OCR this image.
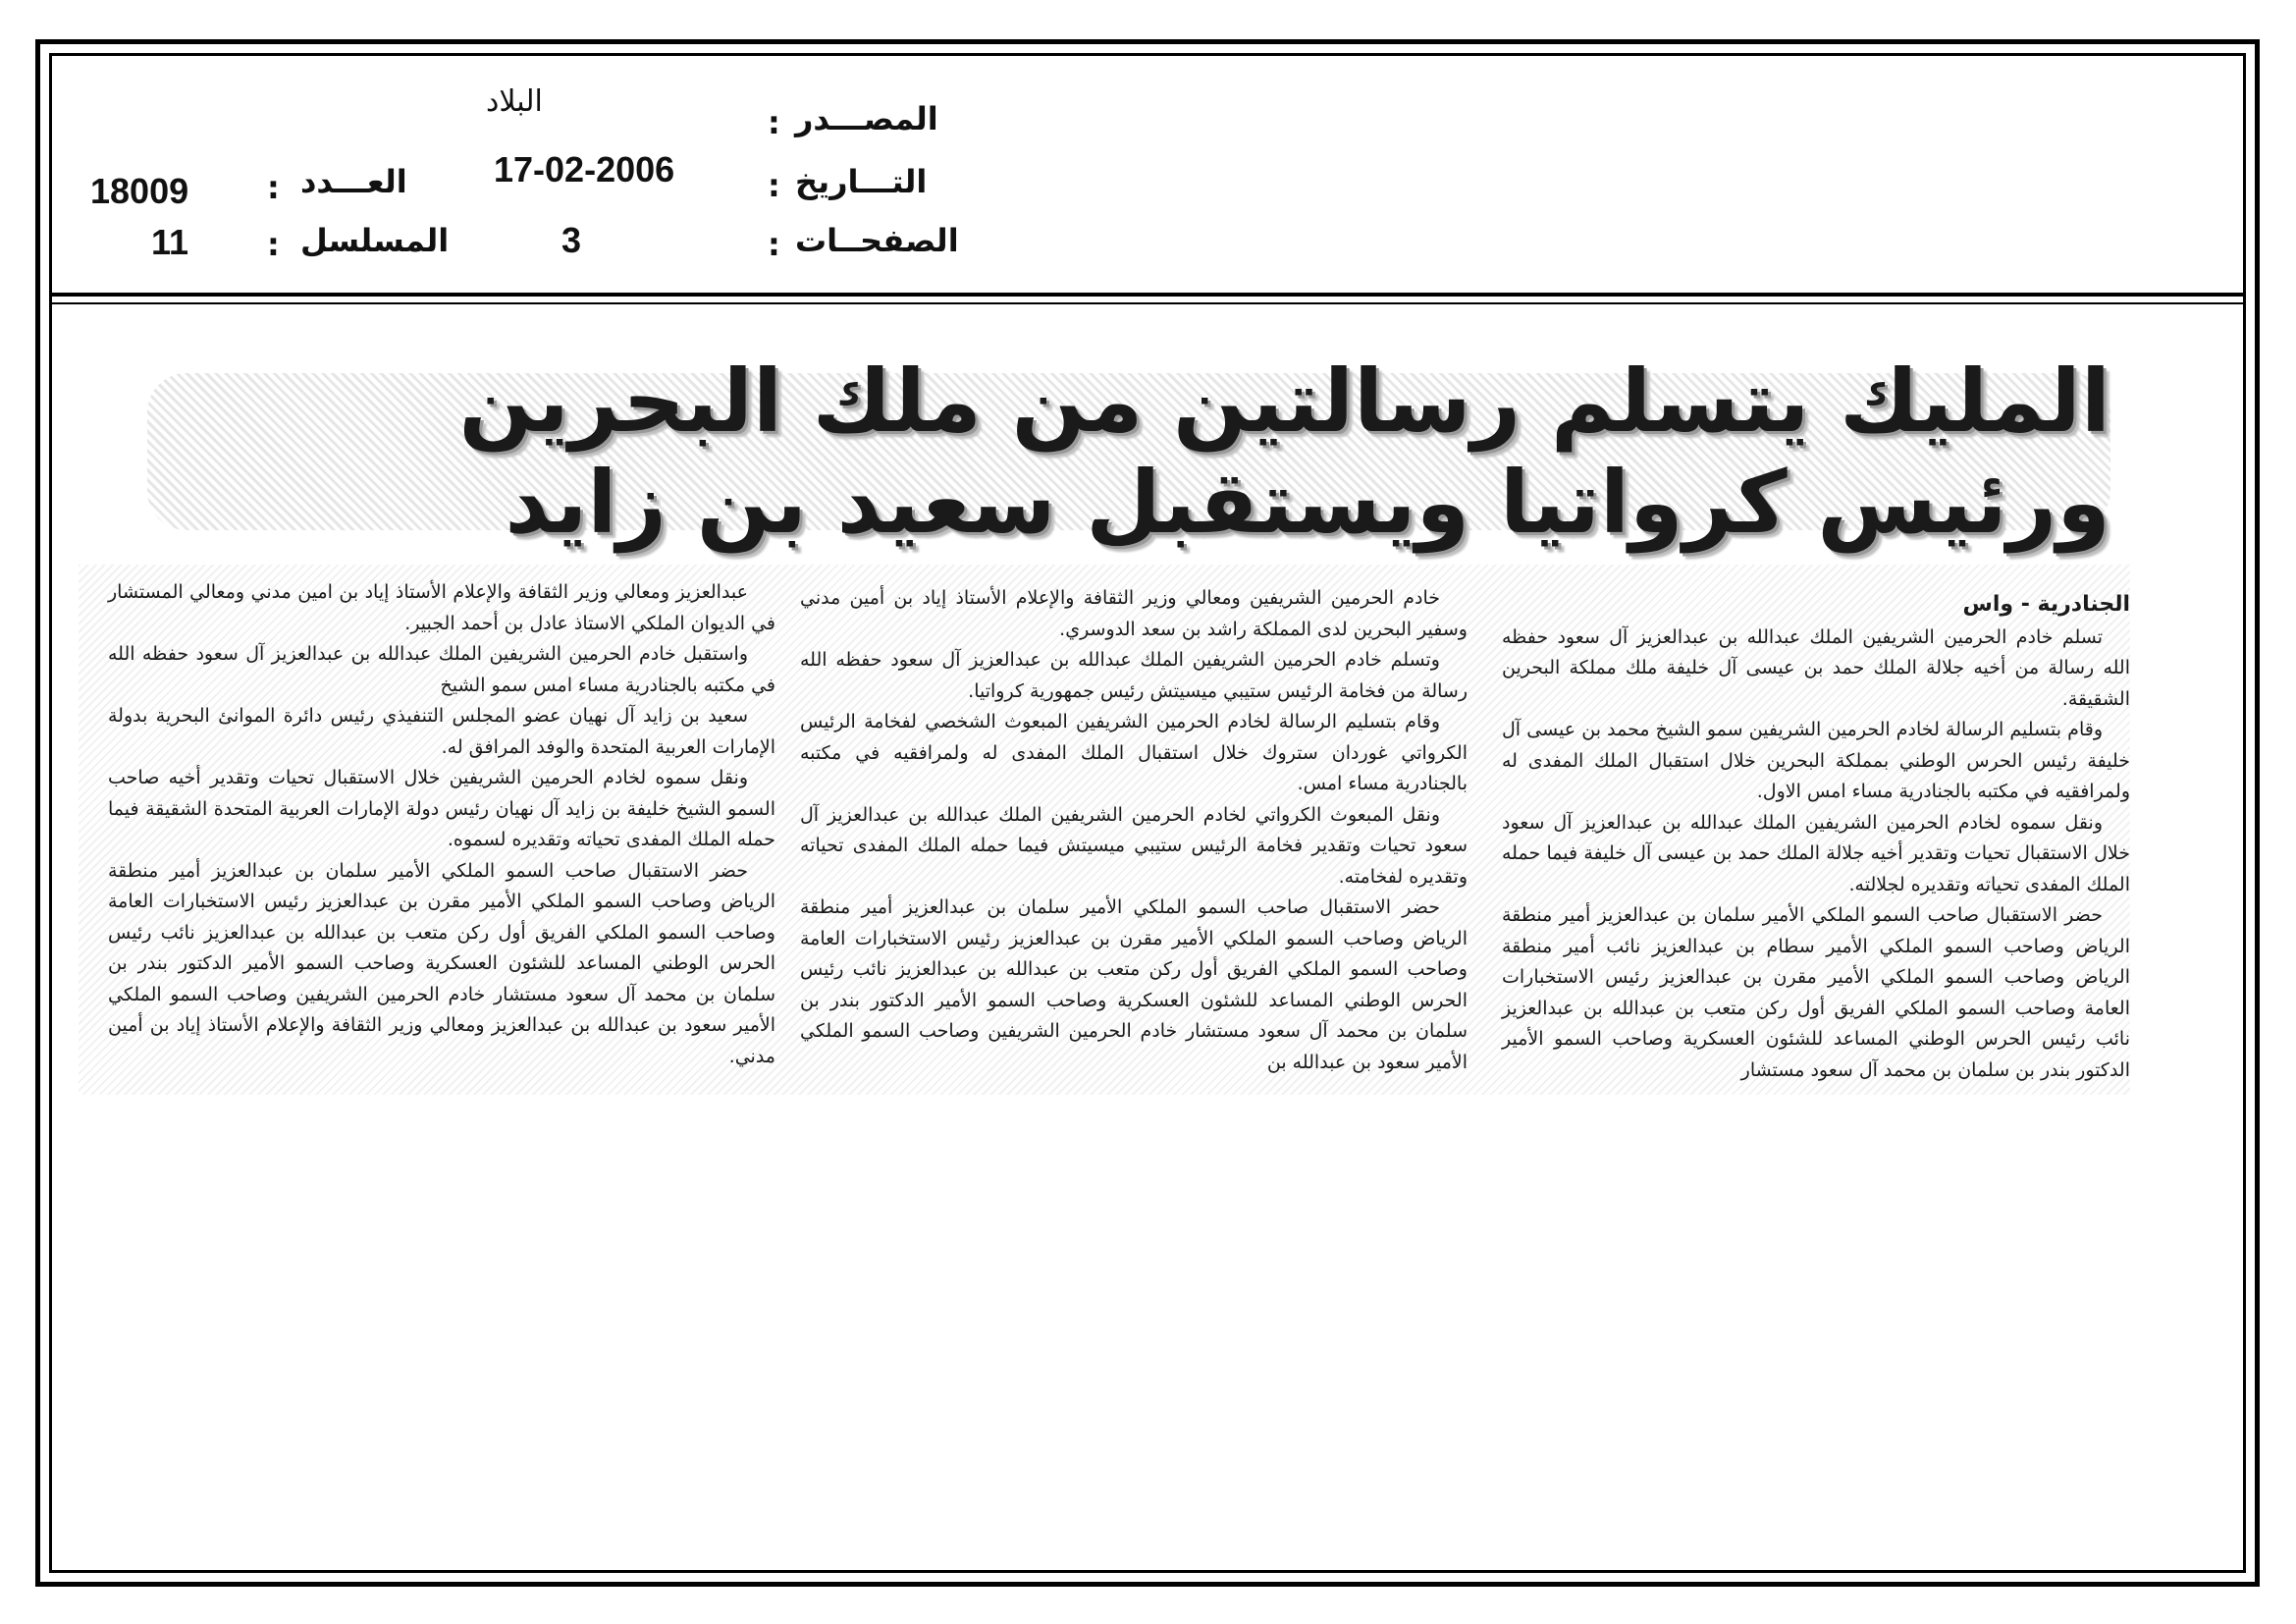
البلاد	المصـــدر
:
17-02-2006	التـــاريخ
:
3	الصفحــات
:
18009	العـــدد
:
11	المسلسل
:
المليك يتسلم رسالتين من ملك البحرين ورئيس كرواتيا ويستقبل سعيد بن زايد

الجنادرية - واس

تسلم خادم الحرمين الشريفين الملك عبدالله بن عبدالعزيز آل سعود حفظه الله رسالة من أخيه جلالة الملك حمد بن عيسى آل خليفة ملك مملكة البحرين الشقيقة.

وقام بتسليم الرسالة لخادم الحرمين الشريفين سمو الشيخ محمد بن عيسى آل خليفة رئيس الحرس الوطني بمملكة البحرين خلال استقبال الملك المفدى له ولمرافقيه في مكتبه بالجنادرية مساء امس الاول.

ونقل سموه لخادم الحرمين الشريفين الملك عبدالله بن عبدالعزيز آل سعود خلال الاستقبال تحيات وتقدير أخيه جلالة الملك حمد بن عيسى آل خليفة فيما حمله الملك المفدى تحياته وتقديره لجلالته.

حضر الاستقبال صاحب السمو الملكي الأمير سلمان بن عبدالعزيز أمير منطقة الرياض وصاحب السمو الملكي الأمير سطام بن عبدالعزيز نائب أمير منطقة الرياض وصاحب السمو الملكي الأمير مقرن بن عبدالعزيز رئيس الاستخبارات العامة وصاحب السمو الملكي الفريق أول ركن متعب بن عبدالله بن عبدالعزيز نائب رئيس الحرس الوطني المساعد للشئون العسكرية وصاحب السمو الأمير الدكتور بندر بن سلمان بن محمد آل سعود مستشار

خادم الحرمين الشريفين ومعالي وزير الثقافة والإعلام الأستاذ إياد بن أمين مدني وسفير البحرين لدى المملكة راشد بن سعد الدوسري.

وتسلم خادم الحرمين الشريفين الملك عبدالله بن عبدالعزيز آل سعود حفظه الله رسالة من فخامة الرئيس ستيبي ميسيتش رئيس جمهورية كرواتيا.

وقام بتسليم الرسالة لخادم الحرمين الشريفين المبعوث الشخصي لفخامة الرئيس الكرواتي غوردان ستروك خلال استقبال الملك المفدى له ولمرافقيه في مكتبه بالجنادرية مساء امس.

ونقل المبعوث الكرواتي لخادم الحرمين الشريفين الملك عبدالله بن عبدالعزيز آل سعود تحيات وتقدير فخامة الرئيس ستيبي ميسيتش فيما حمله الملك المفدى تحياته وتقديره لفخامته.

حضر الاستقبال صاحب السمو الملكي الأمير سلمان بن عبدالعزيز أمير منطقة الرياض وصاحب السمو الملكي الأمير مقرن بن عبدالعزيز رئيس الاستخبارات العامة وصاحب السمو الملكي الفريق أول ركن متعب بن عبدالله بن عبدالعزيز نائب رئيس الحرس الوطني المساعد للشئون العسكرية وصاحب السمو الأمير الدكتور بندر بن سلمان بن محمد آل سعود مستشار خادم الحرمين الشريفين وصاحب السمو الملكي الأمير سعود بن عبدالله بن

عبدالعزيز ومعالي وزير الثقافة والإعلام الأستاذ إياد بن امين مدني ومعالي المستشار في الديوان الملكي الاستاذ عادل بن أحمد الجبير.

واستقبل خادم الحرمين الشريفين الملك عبدالله بن عبدالعزيز آل سعود حفظه الله في مكتبه بالجنادرية مساء امس سمو الشيخ

سعيد بن زايد آل نهيان عضو المجلس التنفيذي رئيس دائرة الموانئ البحرية بدولة الإمارات العربية المتحدة والوفد المرافق له.

ونقل سموه لخادم الحرمين الشريفين خلال الاستقبال تحيات وتقدير أخيه صاحب السمو الشيخ خليفة بن زايد آل نهيان رئيس دولة الإمارات العربية المتحدة الشقيقة فيما حمله الملك المفدى تحياته وتقديره لسموه.

حضر الاستقبال صاحب السمو الملكي الأمير سلمان بن عبدالعزيز أمير منطقة الرياض وصاحب السمو الملكي الأمير مقرن بن عبدالعزيز رئيس الاستخبارات العامة وصاحب السمو الملكي الفريق أول ركن متعب بن عبدالله بن عبدالعزيز نائب رئيس الحرس الوطني المساعد للشئون العسكرية وصاحب السمو الأمير الدكتور بندر بن سلمان بن محمد آل سعود مستشار خادم الحرمين الشريفين وصاحب السمو الملكي الأمير سعود بن عبدالله بن عبدالعزيز ومعالي وزير الثقافة والإعلام الأستاذ إياد بن أمين مدني.
